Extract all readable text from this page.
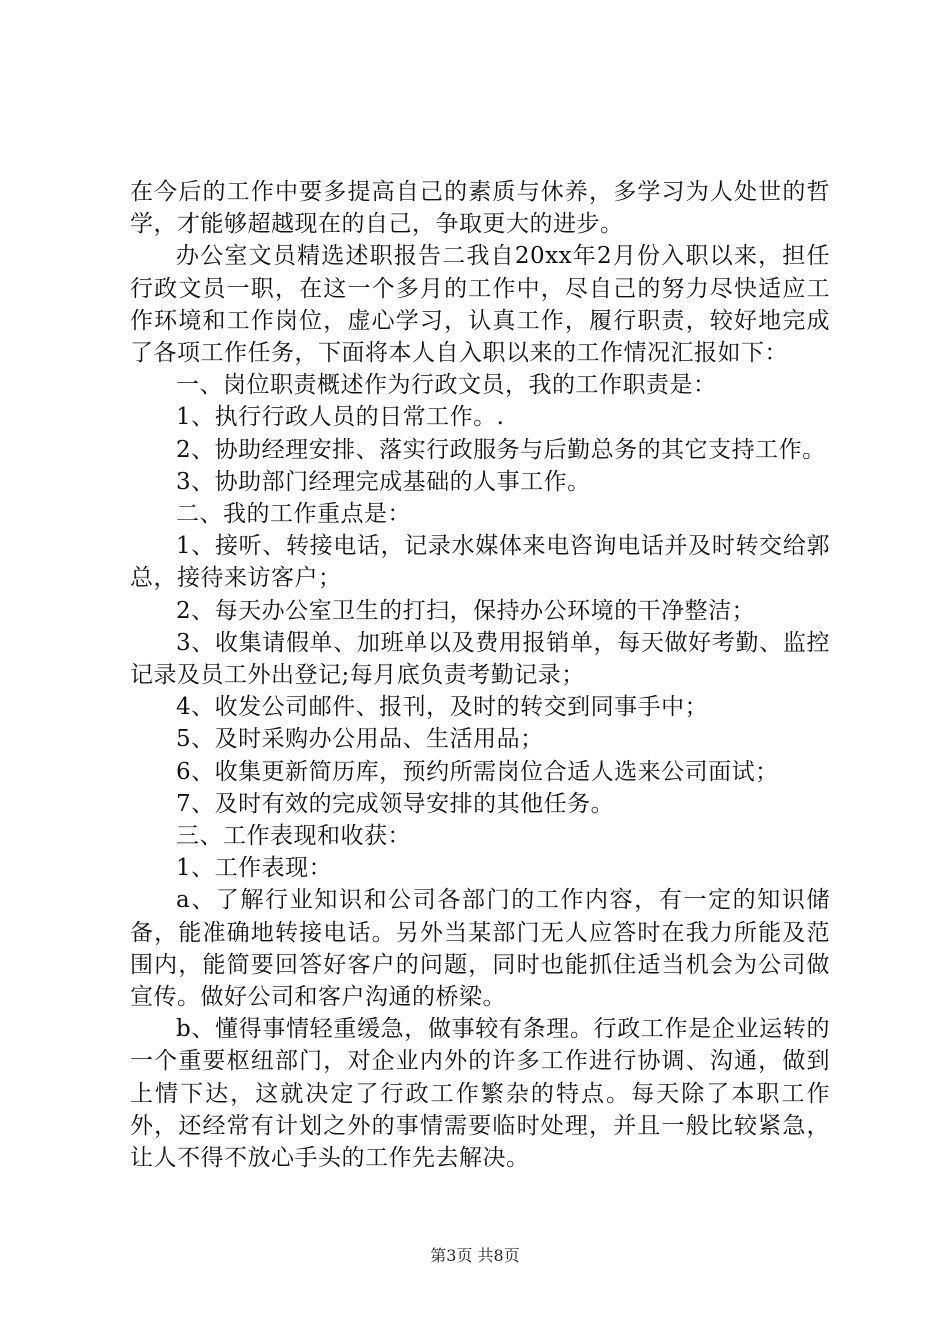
在今后的工作中要多提高自己的素质与休养，多学习为人处世的哲学，才能够超越现在的自己，争取更大的进步。

办公室文员精选述职报告二我自20xx年2月份入职以来，担任行政文员一职，在这一个多月的工作中，尽自己的努力尽快适应工作环境和工作岗位，虚心学习，认真工作，履行职责，较好地完成了各项工作任务，下面将本人自入职以来的工作情况汇报如下：

一、岗位职责概述作为行政文员，我的工作职责是：

1、执行行政人员的日常工作。.

2、协助经理安排、落实行政服务与后勤总务的其它支持工作。

3、协助部门经理完成基础的人事工作。

二、我的工作重点是：

1、接听、转接电话，记录水媒体来电咨询电话并及时转交给郭总，接待来访客户；

2、每天办公室卫生的打扫，保持办公环境的干净整洁；

3、收集请假单、加班单以及费用报销单，每天做好考勤、监控记录及员工外出登记;每月底负责考勤记录；

4、收发公司邮件、报刊，及时的转交到同事手中；

5、及时采购办公用品、生活用品；

6、收集更新简历库，预约所需岗位合适人选来公司面试；

7、及时有效的完成领导安排的其他任务。

三、工作表现和收获：

1、工作表现：

a、了解行业知识和公司各部门的工作内容，有一定的知识储备，能准确地转接电话。另外当某部门无人应答时在我力所能及范围内，能简要回答好客户的问题，同时也能抓住适当机会为公司做宣传。做好公司和客户沟通的桥梁。

b、懂得事情轻重缓急，做事较有条理。行政工作是企业运转的一个重要枢纽部门，对企业内外的许多工作进行协调、沟通，做到上情下达，这就决定了行政工作繁杂的特点。每天除了本职工作外，还经常有计划之外的事情需要临时处理，并且一般比较紧急，让人不得不放心手头的工作先去解决。

第3页 共8页
